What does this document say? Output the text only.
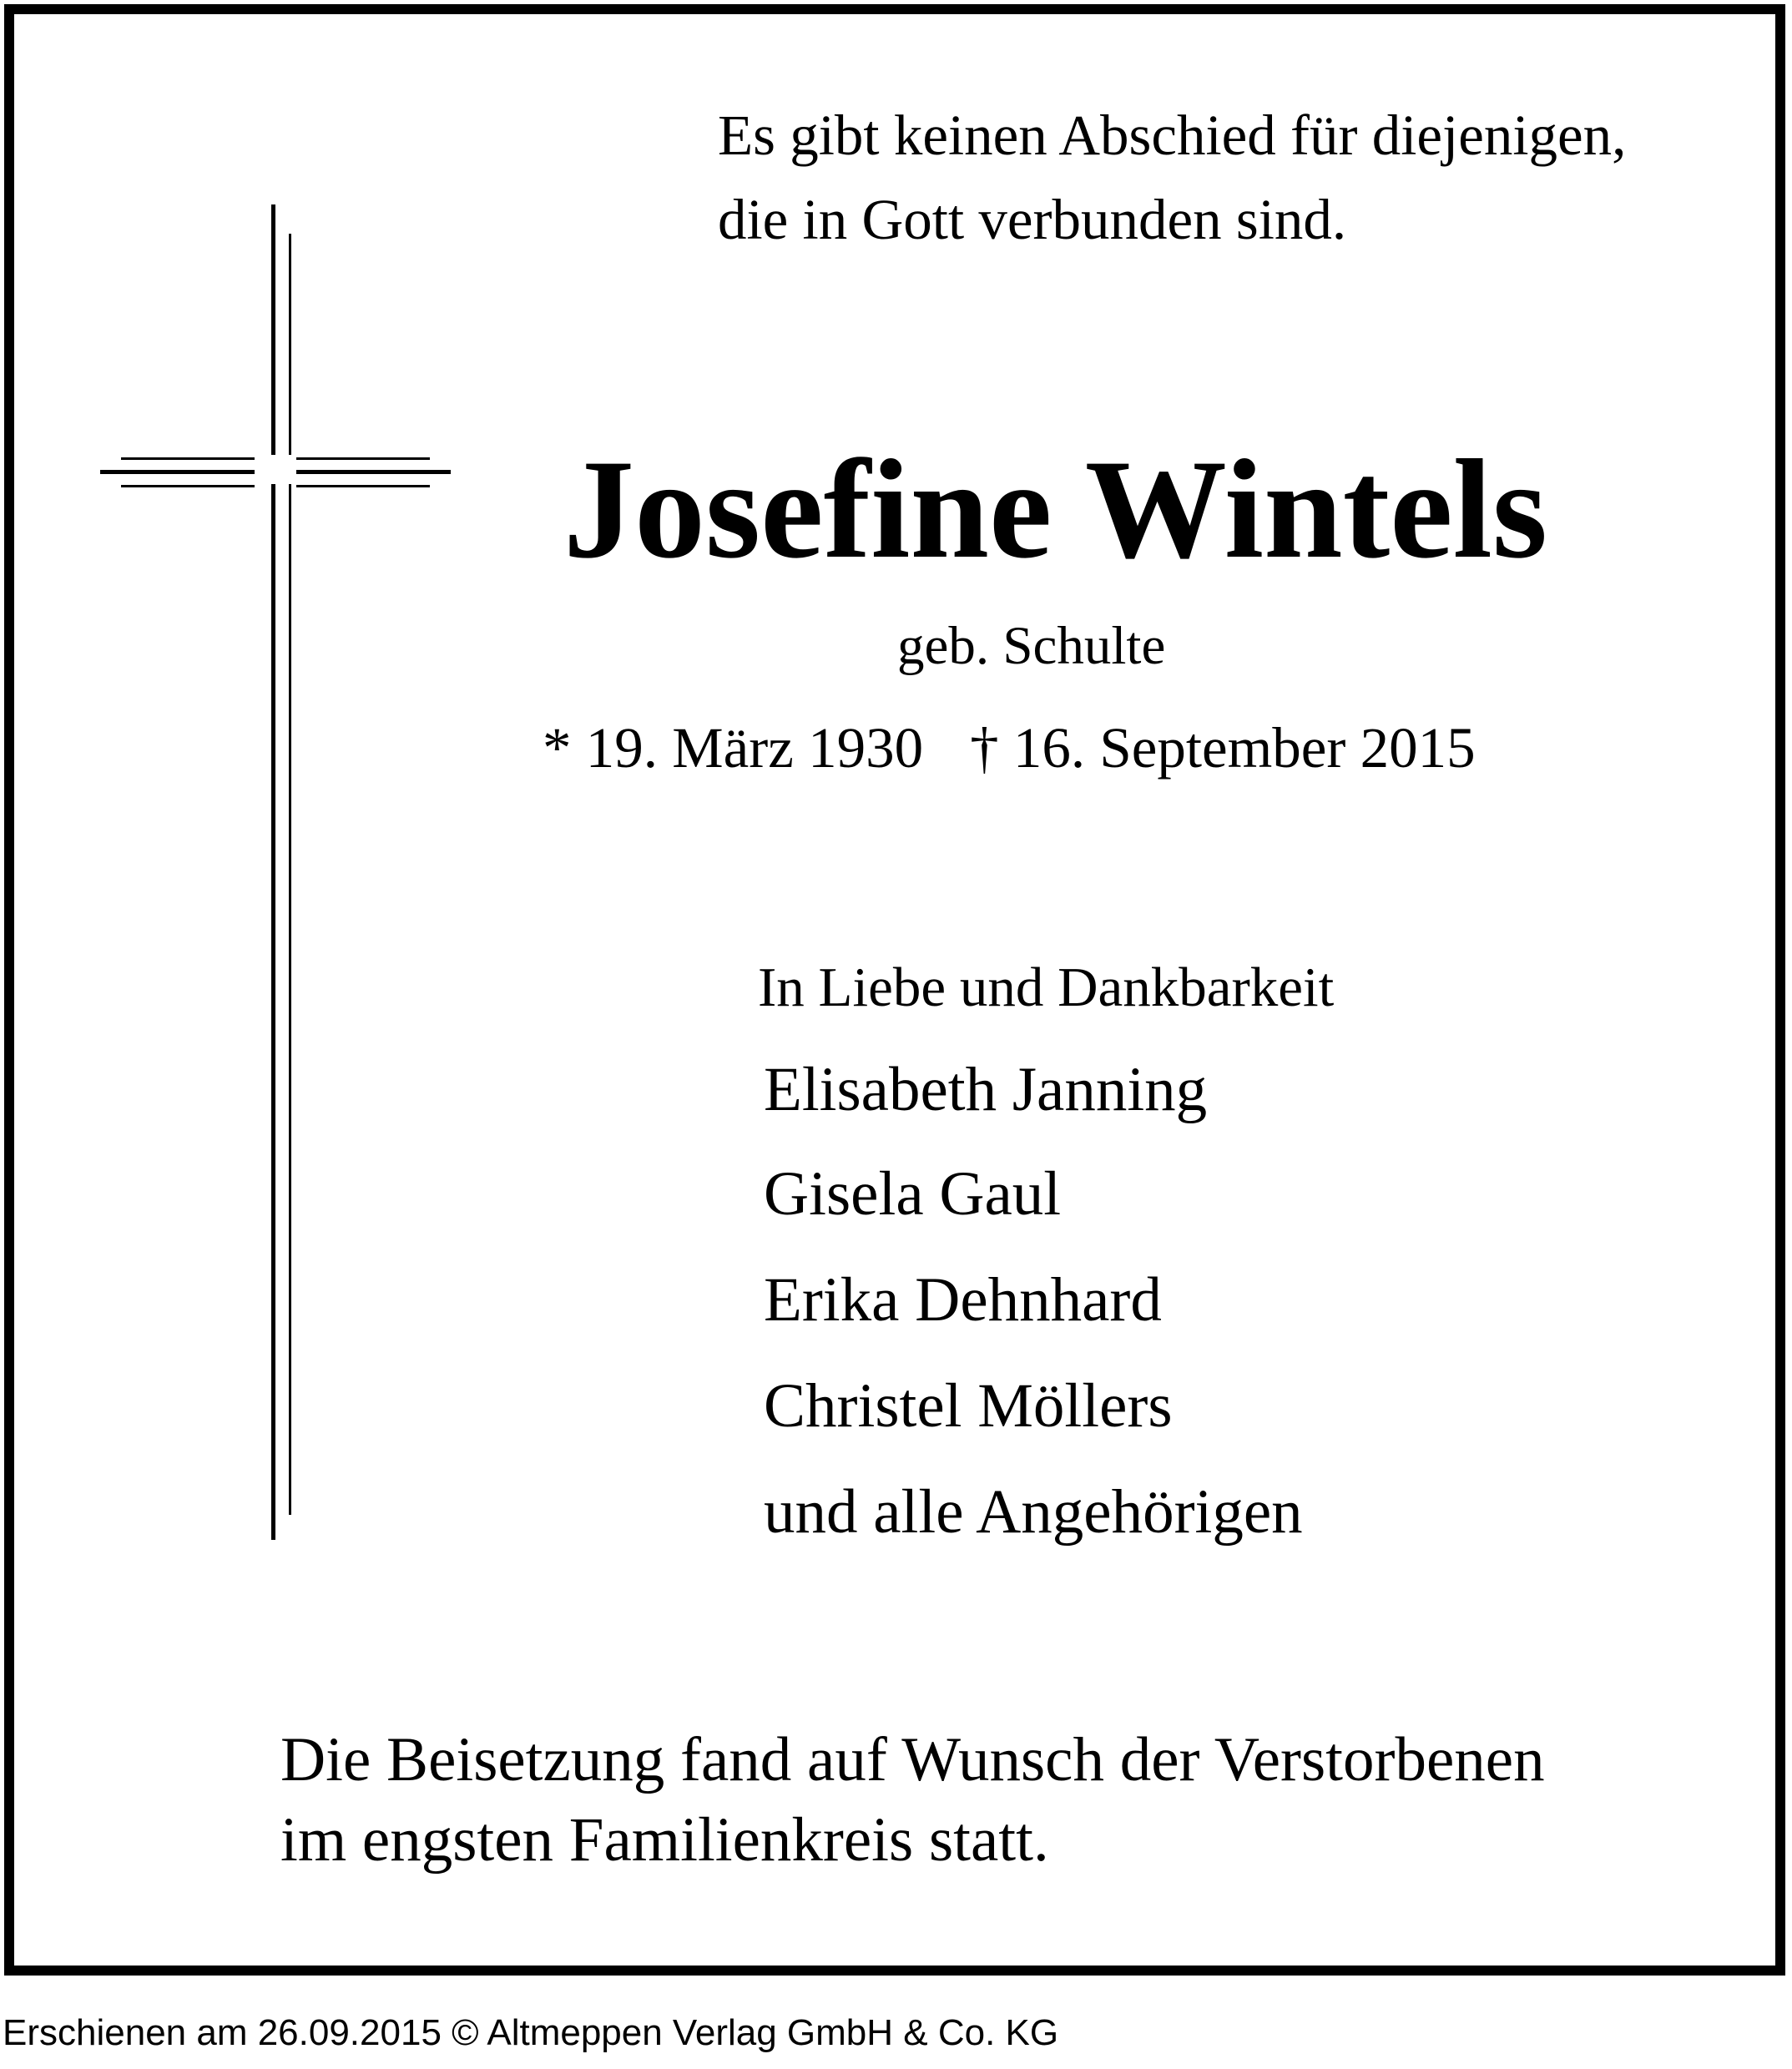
Es gibt keinen Abschied für diejenigen,

die in Gott verbunden sind.

Josefine Wintels

geb. Schulte

* 19. März 1930 † 16. September 2015

In Liebe und Dankbarkeit

Elisabeth Janning

Gisela Gaul

Erika Dehnhard

Christel Möllers

und alle Angehörigen

Die Beisetzung fand auf Wunsch der Verstorbenen

im engsten Familienkreis statt.

Erschienen am 26.09.2015 © Altmeppen Verlag GmbH & Co. KG
